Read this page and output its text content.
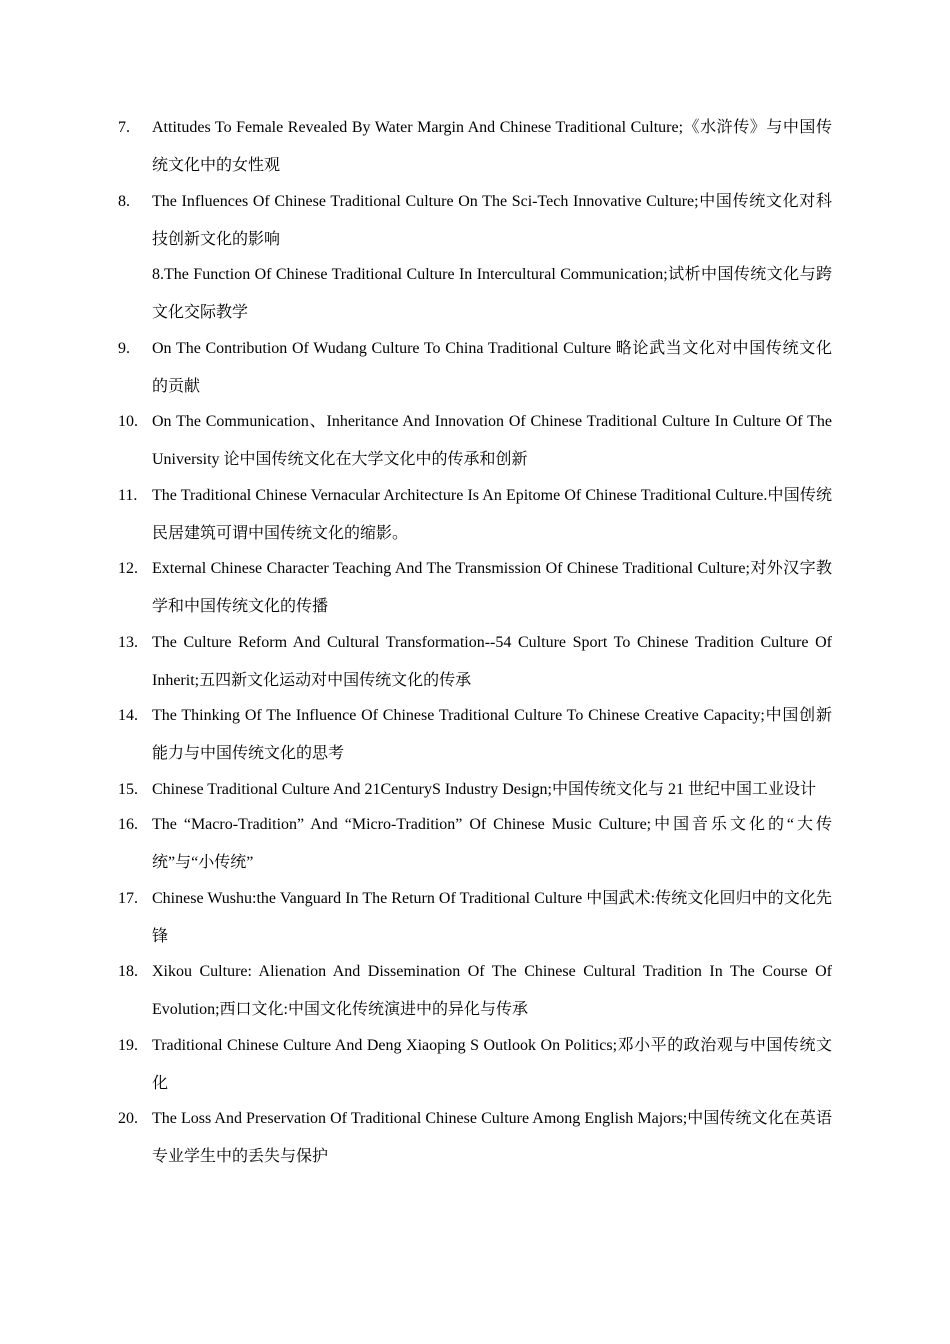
7.	Attitudes To Female Revealed By Water Margin And Chinese Traditional Culture;《水浒传》与中国传统文化中的女性观
8.	The Influences Of Chinese Traditional Culture On The Sci-Tech Innovative Culture;中国传统文化对科技创新文化的影响
8.The Function Of Chinese Traditional Culture In Intercultural Communication;试析中国传统文化与跨文化交际教学
9.	On The Contribution Of Wudang Culture To China Traditional Culture 略论武当文化对中国传统文化的贡献
10. On The Communication、Inheritance And Innovation Of Chinese Traditional Culture In Culture Of The University 论中国传统文化在大学文化中的传承和创新
11. The Traditional Chinese Vernacular Architecture Is An Epitome Of Chinese Traditional Culture.中国传统民居建筑可谓中国传统文化的缩影。
12. External Chinese Character Teaching And The Transmission Of Chinese Traditional Culture;对外汉字教学和中国传统文化的传播
13. The Culture Reform And Cultural Transformation--54 Culture Sport To Chinese Tradition Culture Of Inherit;五四新文化运动对中国传统文化的传承
14. The Thinking Of The Influence Of Chinese Traditional Culture To Chinese Creative Capacity;中国创新能力与中国传统文化的思考
15. Chinese Traditional Culture And 21CenturyS Industry Design;中国传统文化与 21 世纪中国工业设计
16. The “Macro-Tradition” And “Micro-Tradition” Of Chinese Music Culture;中国音乐文化的“大传统”与“小传统”
17. Chinese Wushu:the Vanguard In The Return Of Traditional Culture 中国武术:传统文化回归中的文化先锋
18. Xikou Culture: Alienation And Dissemination Of The Chinese Cultural Tradition In The Course Of Evolution;西口文化:中国文化传统演进中的异化与传承
19. Traditional Chinese Culture And Deng Xiaoping S Outlook On Politics;邓小平的政治观与中国传统文化
20. The Loss And Preservation Of Traditional Chinese Culture Among English Majors;中国传统文化在英语专业学生中的丢失与保护
